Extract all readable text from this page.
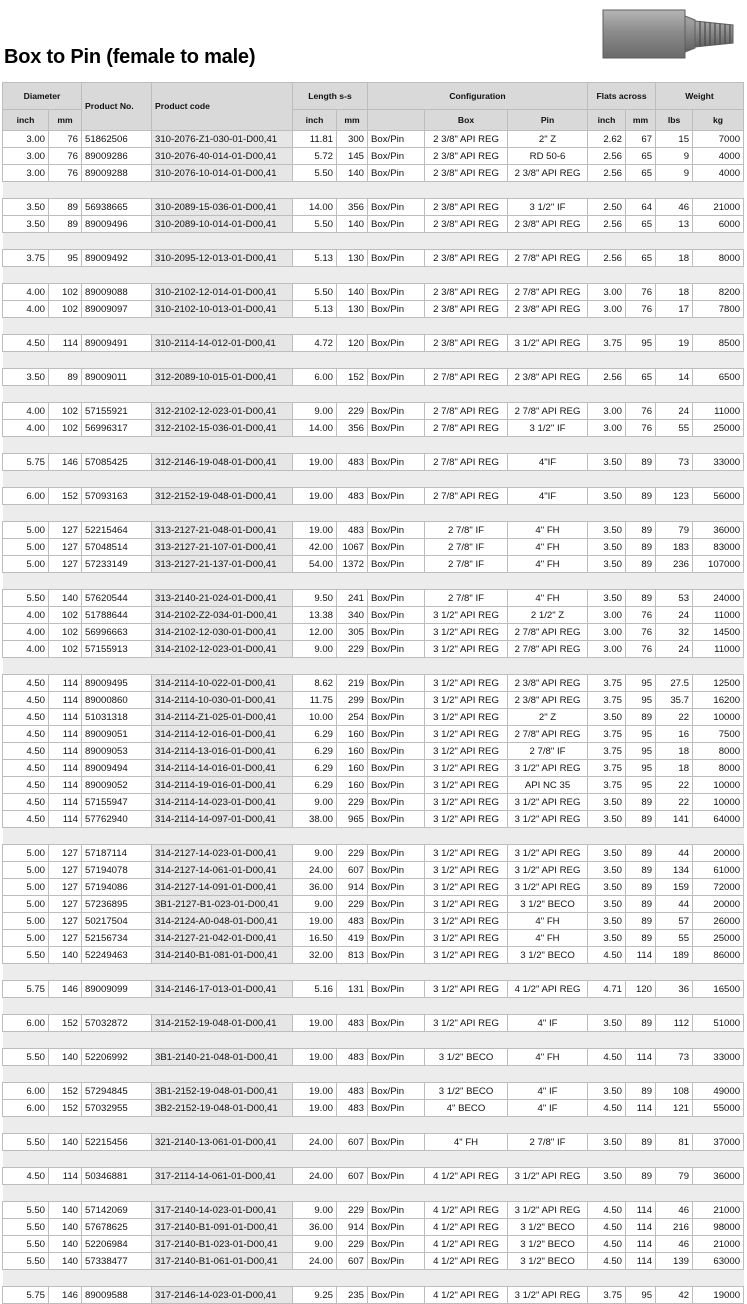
Box to Pin (female to male)
Diameter		Product No.	Product code	Length s-s		Configuration			Flats across		Weight	
inch	mm			inch	mm		Box	Pin	inch	mm	lbs	kg
3.00	76	51862506	310-2076-Z1-030-01-D00,41	11.81	300	Box/Pin	2 3/8" API REG	2" Z	2.62	67	15	7000
3.00	76	89009286	310-2076-40-014-01-D00,41	5.72	145	Box/Pin	2 3/8" API REG	RD 50-6	2.56	65	9	4000
3.00	76	89009288	310-2076-10-014-01-D00,41	5.50	140	Box/Pin	2 3/8" API REG	2 3/8" API REG	2.56	65	9	4000

3.50	89	56938665	310-2089-15-036-01-D00,41	14.00	356	Box/Pin	2 3/8" API REG	3 1/2" IF	2.50	64	46	21000
3.50	89	89009496	310-2089-10-014-01-D00,41	5.50	140	Box/Pin	2 3/8" API REG	2 3/8" API REG	2.56	65	13	6000

3.75	95	89009492	310-2095-12-013-01-D00,41	5.13	130	Box/Pin	2 3/8" API REG	2 7/8" API REG	2.56	65	18	8000

4.00	102	89009088	310-2102-12-014-01-D00,41	5.50	140	Box/Pin	2 3/8" API REG	2 7/8" API REG	3.00	76	18	8200
4.00	102	89009097	310-2102-10-013-01-D00,41	5.13	130	Box/Pin	2 3/8" API REG	2 3/8" API REG	3.00	76	17	7800

4.50	114	89009491	310-2114-14-012-01-D00,41	4.72	120	Box/Pin	2 3/8" API REG	3 1/2" API REG	3.75	95	19	8500

3.50	89	89009011	312-2089-10-015-01-D00,41	6.00	152	Box/Pin	2 7/8" API REG	2 3/8" API REG	2.56	65	14	6500

4.00	102	57155921	312-2102-12-023-01-D00,41	9.00	229	Box/Pin	2 7/8" API REG	2 7/8" API REG	3.00	76	24	11000
4.00	102	56996317	312-2102-15-036-01-D00,41	14.00	356	Box/Pin	2 7/8" API REG	3 1/2" IF	3.00	76	55	25000

5.75	146	57085425	312-2146-19-048-01-D00,41	19.00	483	Box/Pin	2 7/8" API REG	4"IF	3.50	89	73	33000

6.00	152	57093163	312-2152-19-048-01-D00,41	19.00	483	Box/Pin	2 7/8" API REG	4"IF	3.50	89	123	56000

5.00	127	52215464	313-2127-21-048-01-D00,41	19.00	483	Box/Pin	2 7/8" IF	4" FH	3.50	89	79	36000
5.00	127	57048514	313-2127-21-107-01-D00,41	42.00	1067	Box/Pin	2 7/8" IF	4" FH	3.50	89	183	83000
5.00	127	57233149	313-2127-21-137-01-D00,41	54.00	1372	Box/Pin	2 7/8" IF	4" FH	3.50	89	236	107000

5.50	140	57620544	313-2140-21-024-01-D00,41	9.50	241	Box/Pin	2 7/8" IF	4" FH	3.50	89	53	24000
4.00	102	51788644	314-2102-Z2-034-01-D00,41	13.38	340	Box/Pin	3 1/2" API REG	2 1/2" Z	3.00	76	24	11000
4.00	102	56996663	314-2102-12-030-01-D00,41	12.00	305	Box/Pin	3 1/2" API REG	2 7/8" API REG	3.00	76	32	14500
4.00	102	57155913	314-2102-12-023-01-D00,41	9.00	229	Box/Pin	3 1/2" API REG	2 7/8" API REG	3.00	76	24	11000

4.50	114	89009495	314-2114-10-022-01-D00,41	8.62	219	Box/Pin	3 1/2" API REG	2 3/8" API REG	3.75	95	27.5	12500
4.50	114	89000860	314-2114-10-030-01-D00,41	11.75	299	Box/Pin	3 1/2" API REG	2 3/8" API REG	3.75	95	35.7	16200
4.50	114	51031318	314-2114-Z1-025-01-D00,41	10.00	254	Box/Pin	3 1/2" API REG	2" Z	3.50	89	22	10000
4.50	114	89009051	314-2114-12-016-01-D00,41	6.29	160	Box/Pin	3 1/2" API REG	2 7/8" API REG	3.75	95	16	7500
4.50	114	89009053	314-2114-13-016-01-D00,41	6.29	160	Box/Pin	3 1/2" API REG	2 7/8" IF	3.75	95	18	8000
4.50	114	89009494	314-2114-14-016-01-D00,41	6.29	160	Box/Pin	3 1/2" API REG	3 1/2" API REG	3.75	95	18	8000
4.50	114	89009052	314-2114-19-016-01-D00,41	6.29	160	Box/Pin	3 1/2" API REG	API NC 35	3.75	95	22	10000
4.50	114	57155947	314-2114-14-023-01-D00,41	9.00	229	Box/Pin	3 1/2" API REG	3 1/2" API REG	3.50	89	22	10000
4.50	114	57762940	314-2114-14-097-01-D00,41	38.00	965	Box/Pin	3 1/2" API REG	3 1/2" API REG	3.50	89	141	64000

5.00	127	57187114	314-2127-14-023-01-D00,41	9.00	229	Box/Pin	3 1/2" API REG	3 1/2" API REG	3.50	89	44	20000
5.00	127	57194078	314-2127-14-061-01-D00,41	24.00	607	Box/Pin	3 1/2" API REG	3 1/2" API REG	3.50	89	134	61000
5.00	127	57194086	314-2127-14-091-01-D00,41	36.00	914	Box/Pin	3 1/2" API REG	3 1/2" API REG	3.50	89	159	72000
5.00	127	57236895	3B1-2127-B1-023-01-D00,41	9.00	229	Box/Pin	3 1/2" API REG	3 1/2" BECO	3.50	89	44	20000
5.00	127	50217504	314-2124-A0-048-01-D00,41	19.00	483	Box/Pin	3 1/2" API REG	4" FH	3.50	89	57	26000
5.00	127	52156734	314-2127-21-042-01-D00,41	16.50	419	Box/Pin	3 1/2" API REG	4" FH	3.50	89	55	25000
5.50	140	52249463	314-2140-B1-081-01-D00,41	32.00	813	Box/Pin	3 1/2" API REG	3 1/2" BECO	4.50	114	189	86000

5.75	146	89009099	314-2146-17-013-01-D00,41	5.16	131	Box/Pin	3 1/2" API REG	4 1/2" API REG	4.71	120	36	16500

6.00	152	57032872	314-2152-19-048-01-D00,41	19.00	483	Box/Pin	3 1/2" API REG	4" IF	3.50	89	112	51000

5.50	140	52206992	3B1-2140-21-048-01-D00,41	19.00	483	Box/Pin	3 1/2" BECO	4" FH	4.50	114	73	33000

6.00	152	57294845	3B1-2152-19-048-01-D00,41	19.00	483	Box/Pin	3 1/2" BECO	4" IF	3.50	89	108	49000
6.00	152	57032955	3B2-2152-19-048-01-D00,41	19.00	483	Box/Pin	4" BECO	4" IF	4.50	114	121	55000

5.50	140	52215456	321-2140-13-061-01-D00,41	24.00	607	Box/Pin	4" FH	2 7/8" IF	3.50	89	81	37000

4.50	114	50346881	317-2114-14-061-01-D00,41	24.00	607	Box/Pin	4 1/2" API REG	3 1/2" API REG	3.50	89	79	36000

5.50	140	57142069	317-2140-14-023-01-D00,41	9.00	229	Box/Pin	4 1/2" API REG	3 1/2" API REG	4.50	114	46	21000
5.50	140	57678625	317-2140-B1-091-01-D00,41	36.00	914	Box/Pin	4 1/2" API REG	3 1/2" BECO	4.50	114	216	98000
5.50	140	52206984	317-2140-B1-023-01-D00,41	9.00	229	Box/Pin	4 1/2" API REG	3 1/2" BECO	4.50	114	46	21000
5.50	140	57338477	317-2140-B1-061-01-D00,41	24.00	607	Box/Pin	4 1/2" API REG	3 1/2" BECO	4.50	114	139	63000

5.75	146	89009588	317-2146-14-023-01-D00,41	9.25	235	Box/Pin	4 1/2" API REG	3 1/2" API REG	3.75	95	42	19000
